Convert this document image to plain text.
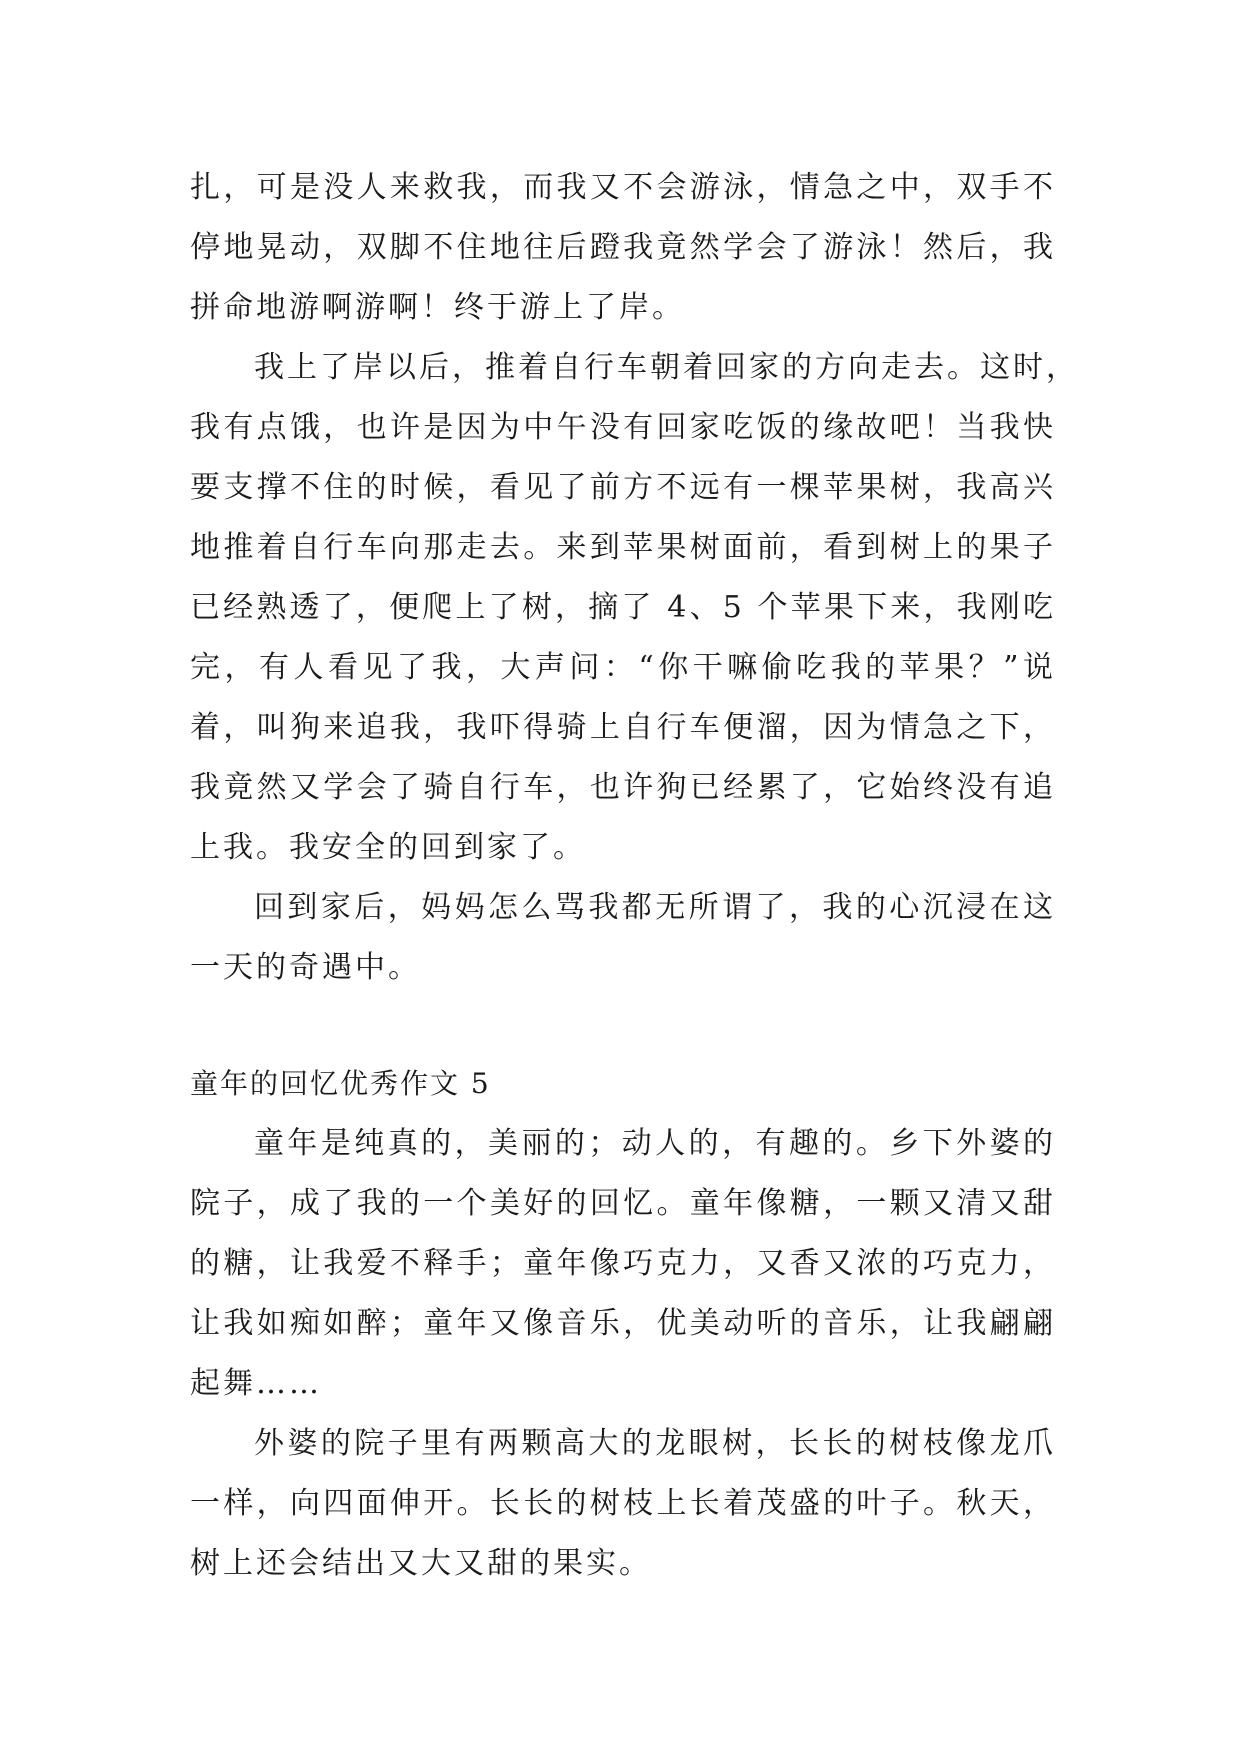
扎，可是没人来救我，而我又不会游泳，情急之中，双手不
停地晃动，双脚不住地往后蹬我竟然学会了游泳！然后，我
拼命地游啊游啊！终于游上了岸。
我上了岸以后，推着自行车朝着回家的方向走去。这时，
我有点饿，也许是因为中午没有回家吃饭的缘故吧！当我快
要支撑不住的时候，看见了前方不远有一棵苹果树，我高兴
地推着自行车向那走去。来到苹果树面前，看到树上的果子
已经熟透了，便爬上了树，摘了 4、5 个苹果下来，我刚吃
完，有人看见了我，大声问：“你干嘛偷吃我的苹果？”说
着，叫狗来追我，我吓得骑上自行车便溜，因为情急之下，
我竟然又学会了骑自行车，也许狗已经累了，它始终没有追
上我。我安全的回到家了。
回到家后，妈妈怎么骂我都无所谓了，我的心沉浸在这
一天的奇遇中。
童年的回忆优秀作文 5
童年是纯真的，美丽的；动人的，有趣的。乡下外婆的
院子，成了我的一个美好的回忆。童年像糖，一颗又清又甜
的糖，让我爱不释手；童年像巧克力，又香又浓的巧克力，
让我如痴如醉；童年又像音乐，优美动听的音乐，让我翩翩
起舞……
外婆的院子里有两颗高大的龙眼树，长长的树枝像龙爪
一样，向四面伸开。长长的树枝上长着茂盛的叶子。秋天，
树上还会结出又大又甜的果实。
